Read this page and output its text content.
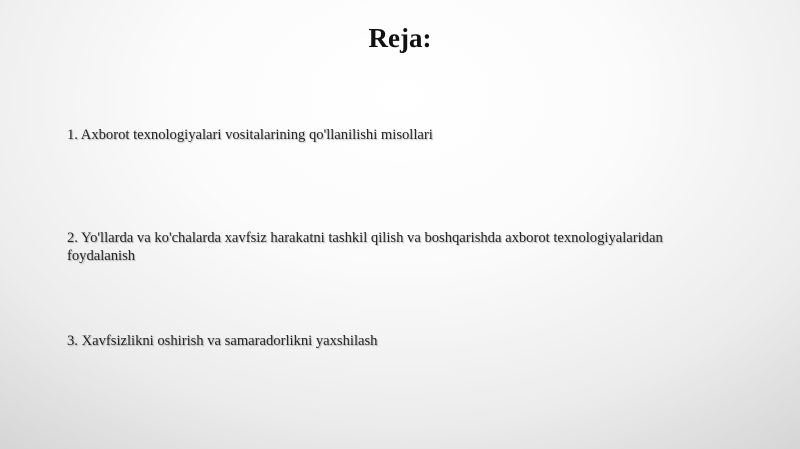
Reja:

1. Axborot texnologiyalari vositalarining qo'llanilishi misollari

2. Yo'llarda va ko'chalarda xavfsiz harakatni tashkil qilish va boshqarishda axborot texnologiyalaridan foydalanish

3. Xavfsizlikni oshirish va samaradorlikni yaxshilash
